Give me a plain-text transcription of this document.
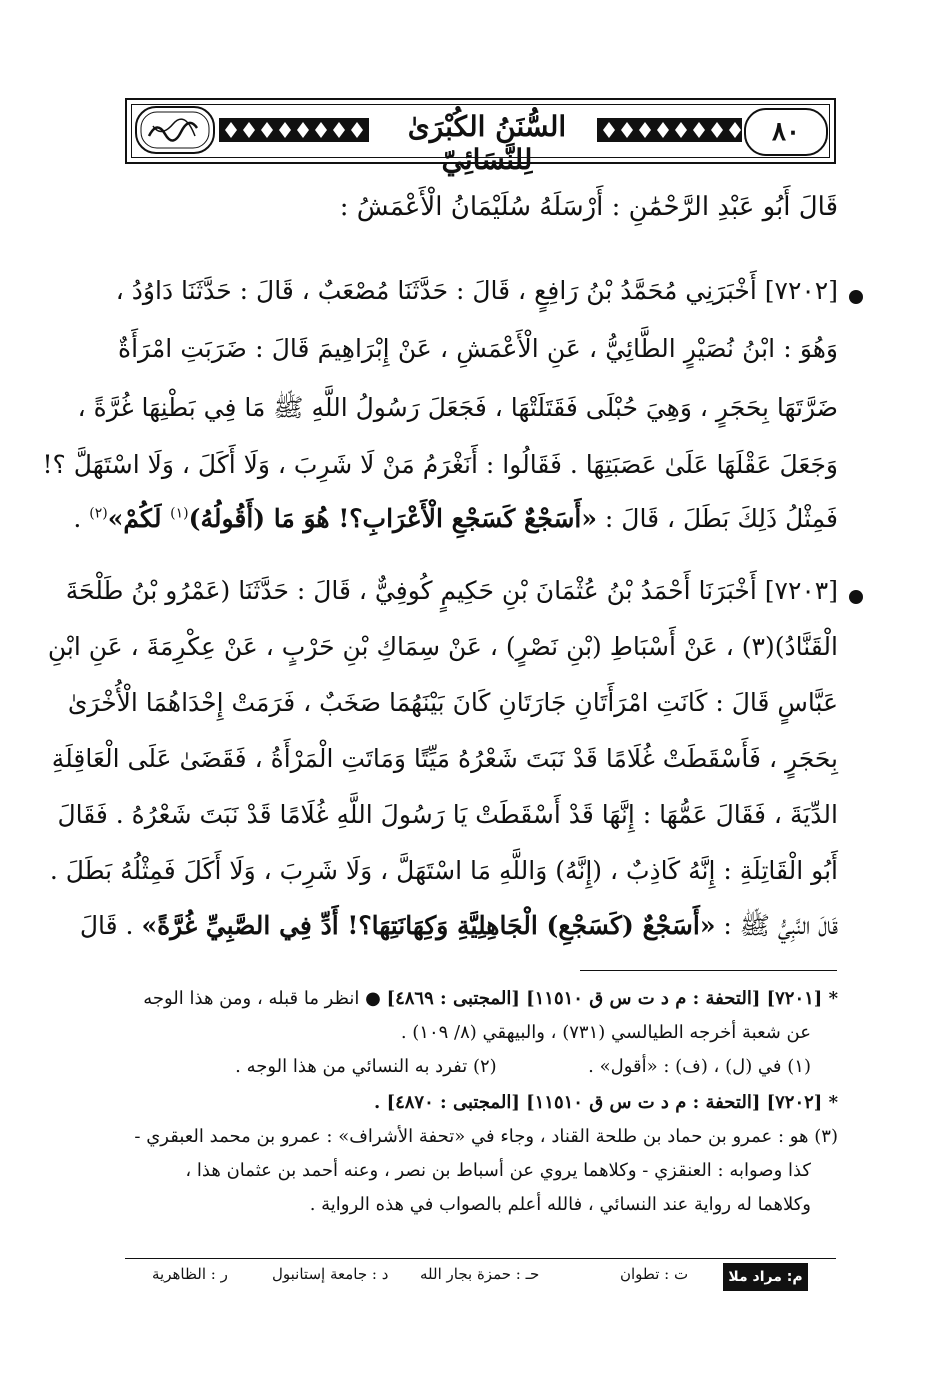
٨٠
السُّنَنُ الكُبْرَىٰ لِلنَّسَائِيّ
قَالَ أَبُو عَبْدِ الرَّحْمَٰنِ : أَرْسَلَهُ سُلَيْمَانُ الْأَعْمَشُ :
[٧٢٠٢] أَخْبَرَنِي مُحَمَّدُ بْنُ رَافِعٍ ، قَالَ : حَدَّثَنَا مُصْعَبٌ ، قَالَ : حَدَّثَنَا دَاوُدُ ،
وَهُوَ : ابْنُ نُصَيْرٍ الطَّائِيُّ ، عَنِ الْأَعْمَشِ ، عَنْ إِبْرَاهِيمَ قَالَ : ضَرَبَتِ امْرَأَةٌ
ضَرَّتَهَا بِحَجَرٍ ، وَهِيَ حُبْلَى فَقَتَلَتْهَا ، فَجَعَلَ رَسُولُ اللَّهِ ﷺ مَا فِي بَطْنِهَا غُرَّةً ،
وَجَعَلَ عَقْلَهَا عَلَىٰ عَصَبَتِهَا . فَقَالُوا : أَنَغْرَمُ مَنْ لَا شَرِبَ ، وَلَا أَكَلَ ، وَلَا اسْتَهَلَّ ؟!
فَمِثْلُ ذَلِكَ بَطَلَ ، قَالَ : «أَسَجْعٌ كَسَجْعِ الْأَعْرَابِ؟! هُوَ مَا (أَقُولُهُ)$^{(١)}$ لَكُمْ»$^{(٢)}$ .
[٧٢٠٣] أَخْبَرَنَا أَحْمَدُ بْنُ عُثْمَانَ بْنِ حَكِيمٍ كُوفِيٌّ ، قَالَ : حَدَّثَنَا (عَمْرُو بْنُ طَلْحَةَ
الْقَنَّادُ)(٣) ، عَنْ أَسْبَاطِ (بْنِ نَصْرٍ) ، عَنْ سِمَاكِ بْنِ حَرْبٍ ، عَنْ عِكْرِمَةَ ، عَنِ ابْنِ
عَبَّاسٍ قَالَ : كَانَتِ امْرَأَتَانِ جَارَتَانِ كَانَ بَيْنَهُمَا صَخَبٌ ، فَرَمَتْ إِحْدَاهُمَا الْأُخْرَىٰ
بِحَجَرٍ ، فَأَسْقَطَتْ غُلَامًا قَدْ نَبَتَ شَعْرُهُ مَيِّتًا وَمَاتَتِ الْمَرْأَةُ ، فَقَضَىٰ عَلَى الْعَاقِلَةِ
الدِّيَةَ ، فَقَالَ عَمُّهَا : إِنَّهَا قَدْ أَسْقَطَتْ يَا رَسُولَ اللَّهِ غُلَامًا قَدْ نَبَتَ شَعْرُهُ . فَقَالَ
أَبُو الْقَاتِلَةِ : إِنَّهُ كَاذِبٌ ، (إِنَّهُ) وَاللَّهِ مَا اسْتَهَلَّ ، وَلَا شَرِبَ ، وَلَا أَكَلَ فَمِثْلُهُ بَطَلَ .
قَالَ النَّبِيُّ ﷺ : «أَسَجْعٌ (كَسَجْعِ) الْجَاهِلِيَّةِ وَكِهَانَتِهَا؟! أَدِّ فِي الصَّبِيِّ غُرَّةً» . قَالَ
* [٧٢٠١] [التحفة : م د ت س ق ١١٥١٠] [المجتبى : ٤٨٦٩] ● انظر ما قبله ، ومن هذا الوجه
عن شعبة أخرجه الطيالسي (٧٣١) ، والبيهقي (٨/ ١٠٩) .
(١) في (ل) ، (ف) : «أقول» .  (٢) تفرد به النسائي من هذا الوجه .
* [٧٢٠٢] [التحفة : م د ت س ق ١١٥١٠] [المجتبى : ٤٨٧٠] .
(٣) هو : عمرو بن حماد بن طلحة القناد ، وجاء في «تحفة الأشراف» : عمرو بن محمد العبقري -
كذا وصوابه : العنقزي - وكلاهما يروي عن أسباط بن نصر ، وعنه أحمد بن عثمان هذا ،
وكلاهما له رواية عند النسائي ، فالله أعلم بالصواب في هذه الرواية .
م: مراد ملا
ت : تطوان
حـ : حمزة بجار الله
د : جامعة إستانبول
ر : الظاهرية
